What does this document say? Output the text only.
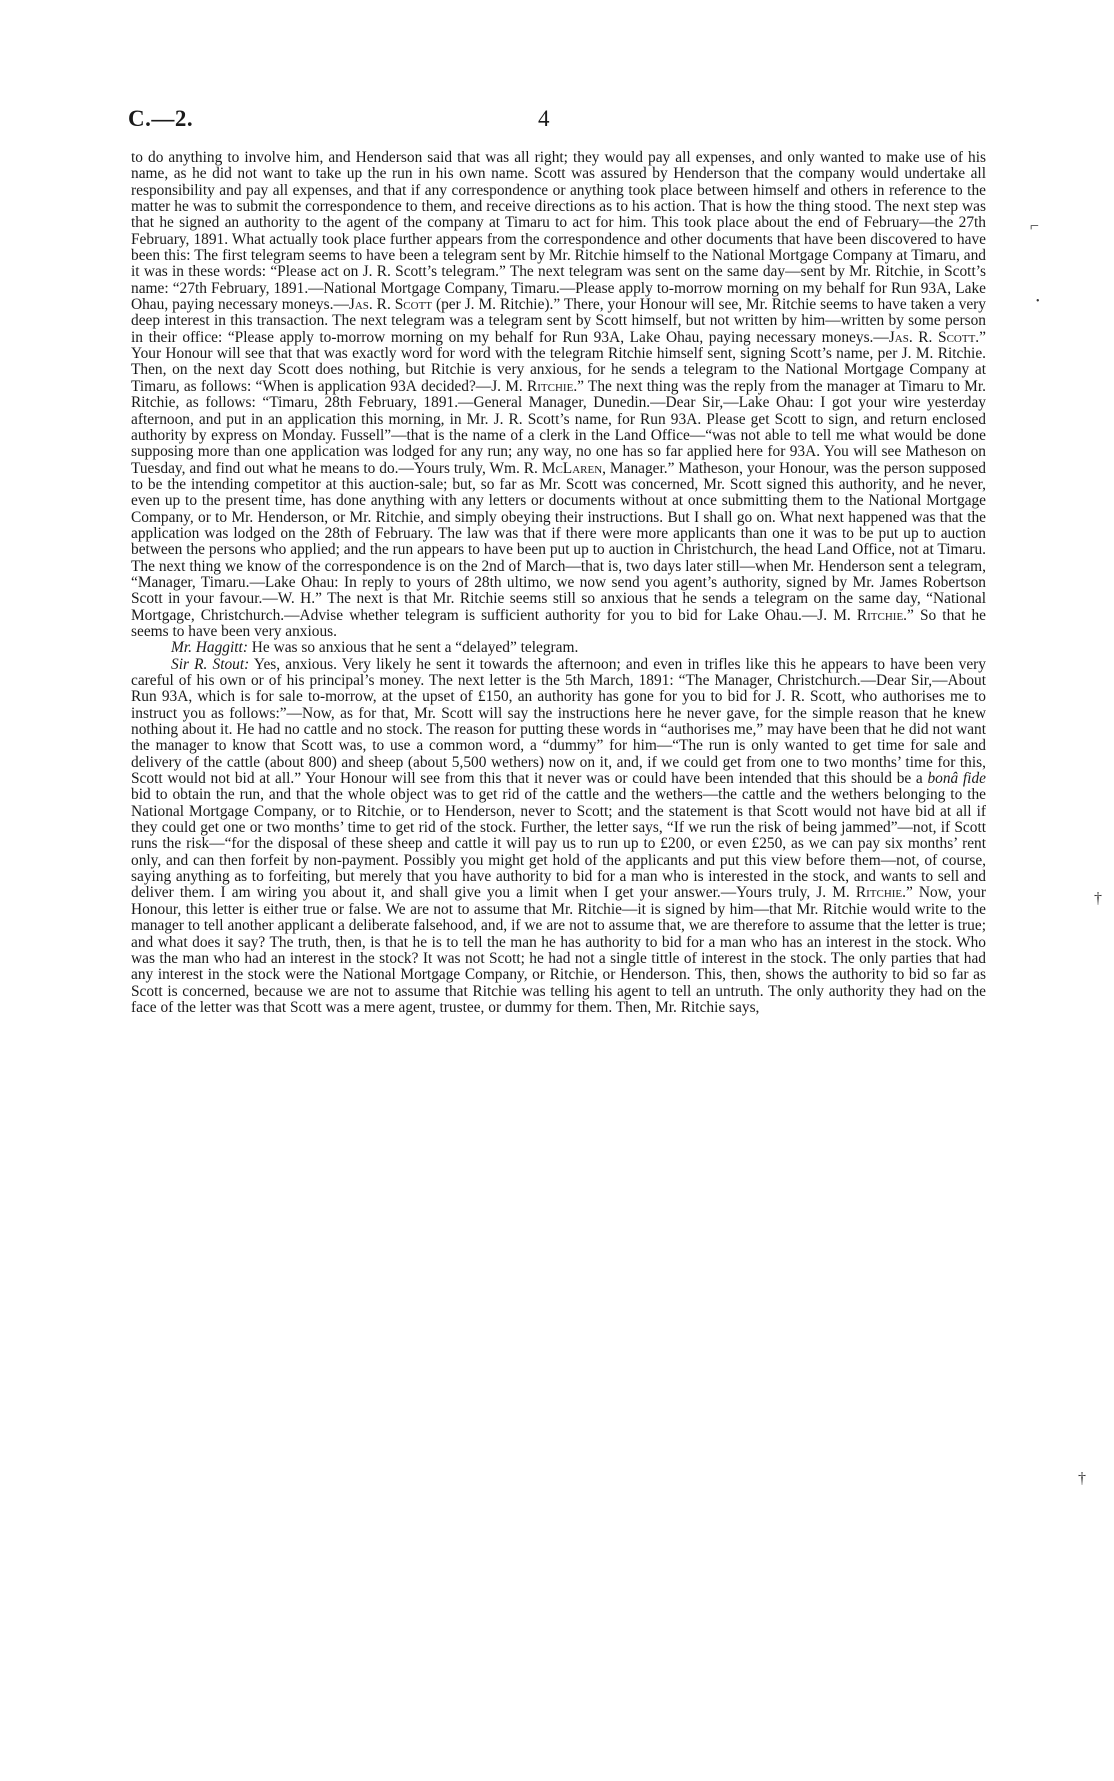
C.—2.	4
⌐
•
†
†

to do anything to involve him, and Henderson said that was all right; they would pay all expenses, and only wanted to make use of his name, as he did not want to take up the run in his own name. Scott was assured by Henderson that the company would undertake all responsibility and pay all expenses, and that if any correspondence or anything took place between himself and others in reference to the matter he was to submit the correspondence to them, and receive directions as to his action. That is how the thing stood. The next step was that he signed an authority to the agent of the company at Timaru to act for him. This took place about the end of February—the 27th February, 1891. What actually took place further appears from the correspondence and other documents that have been discovered to have been this: The first telegram seems to have been a telegram sent by Mr. Ritchie himself to the National Mortgage Company at Timaru, and it was in these words: “Please act on J. R. Scott’s telegram.” The next telegram was sent on the same day—sent by Mr. Ritchie, in Scott’s name: “27th February, 1891.—National Mortgage Company, Timaru.—Please apply to-morrow morning on my behalf for Run 93A, Lake Ohau, paying necessary moneys.—Jas. R. Scott (per J. M. Ritchie).” There, your Honour will see, Mr. Ritchie seems to have taken a very deep interest in this transaction. The next telegram was a telegram sent by Scott himself, but not written by him—written by some person in their office: “Please apply to-morrow morning on my behalf for Run 93A, Lake Ohau, paying necessary moneys.—Jas. R. Scott.” Your Honour will see that that was exactly word for word with the telegram Ritchie himself sent, signing Scott’s name, per J. M. Ritchie. Then, on the next day Scott does nothing, but Ritchie is very anxious, for he sends a telegram to the National Mortgage Company at Timaru, as follows: “When is application 93A decided?—J. M. Ritchie.” The next thing was the reply from the manager at Timaru to Mr. Ritchie, as follows: “Timaru, 28th February, 1891.—General Manager, Dunedin.—Dear Sir,—Lake Ohau: I got your wire yesterday afternoon, and put in an application this morning, in Mr. J. R. Scott’s name, for Run 93A. Please get Scott to sign, and return enclosed authority by express on Monday. Fussell”—that is the name of a clerk in the Land Office—“was not able to tell me what would be done supposing more than one application was lodged for any run; any way, no one has so far applied here for 93A. You will see Matheson on Tuesday, and find out what he means to do.—Yours truly, Wm. R. McLaren, Manager.” Matheson, your Honour, was the person supposed to be the intending competitor at this auction-sale; but, so far as Mr. Scott was concerned, Mr. Scott signed this authority, and he never, even up to the present time, has done anything with any letters or documents without at once submitting them to the National Mortgage Company, or to Mr. Henderson, or Mr. Ritchie, and simply obeying their instructions. But I shall go on. What next happened was that the application was lodged on the 28th of February. The law was that if there were more applicants than one it was to be put up to auction between the persons who applied; and the run appears to have been put up to auction in Christchurch, the head Land Office, not at Timaru. The next thing we know of the correspondence is on the 2nd of March—that is, two days later still—when Mr. Henderson sent a telegram, “Manager, Timaru.—Lake Ohau: In reply to yours of 28th ultimo, we now send you agent’s authority, signed by Mr. James Robertson Scott in your favour.—W. H.” The next is that Mr. Ritchie seems still so anxious that he sends a telegram on the same day, “National Mortgage, Christchurch.—Advise whether telegram is sufficient authority for you to bid for Lake Ohau.—J. M. Ritchie.” So that he seems to have been very anxious.

Mr. Haggitt: He was so anxious that he sent a “delayed” telegram.

Sir R. Stout: Yes, anxious. Very likely he sent it towards the afternoon; and even in trifles like this he appears to have been very careful of his own or of his principal’s money. The next letter is the 5th March, 1891: “The Manager, Christchurch.—Dear Sir,—About Run 93A, which is for sale to-morrow, at the upset of £150, an authority has gone for you to bid for J. R. Scott, who authorises me to instruct you as follows:”—Now, as for that, Mr. Scott will say the instructions here he never gave, for the simple reason that he knew nothing about it. He had no cattle and no stock. The reason for putting these words in “authorises me,” may have been that he did not want the manager to know that Scott was, to use a common word, a “dummy” for him—“The run is only wanted to get time for sale and delivery of the cattle (about 800) and sheep (about 5,500 wethers) now on it, and, if we could get from one to two months’ time for this, Scott would not bid at all.” Your Honour will see from this that it never was or could have been intended that this should be a bonâ fide bid to obtain the run, and that the whole object was to get rid of the cattle and the wethers—the cattle and the wethers belonging to the National Mortgage Company, or to Ritchie, or to Henderson, never to Scott; and the statement is that Scott would not have bid at all if they could get one or two months’ time to get rid of the stock. Further, the letter says, “If we run the risk of being jammed”—not, if Scott runs the risk—“for the disposal of these sheep and cattle it will pay us to run up to £200, or even £250, as we can pay six months’ rent only, and can then forfeit by non-payment. Possibly you might get hold of the applicants and put this view before them—not, of course, saying anything as to forfeiting, but merely that you have authority to bid for a man who is interested in the stock, and wants to sell and deliver them. I am wiring you about it, and shall give you a limit when I get your answer.—Yours truly, J. M. Ritchie.” Now, your Honour, this letter is either true or false. We are not to assume that Mr. Ritchie—it is signed by him—that Mr. Ritchie would write to the manager to tell another applicant a deliberate falsehood, and, if we are not to assume that, we are therefore to assume that the letter is true; and what does it say? The truth, then, is that he is to tell the man he has authority to bid for a man who has an interest in the stock. Who was the man who had an interest in the stock? It was not Scott; he had not a single tittle of interest in the stock. The only parties that had any interest in the stock were the National Mortgage Company, or Ritchie, or Henderson. This, then, shows the authority to bid so far as Scott is concerned, because we are not to assume that Ritchie was telling his agent to tell an untruth. The only authority they had on the face of the letter was that Scott was a mere agent, trustee, or dummy for them. Then, Mr. Ritchie says,
